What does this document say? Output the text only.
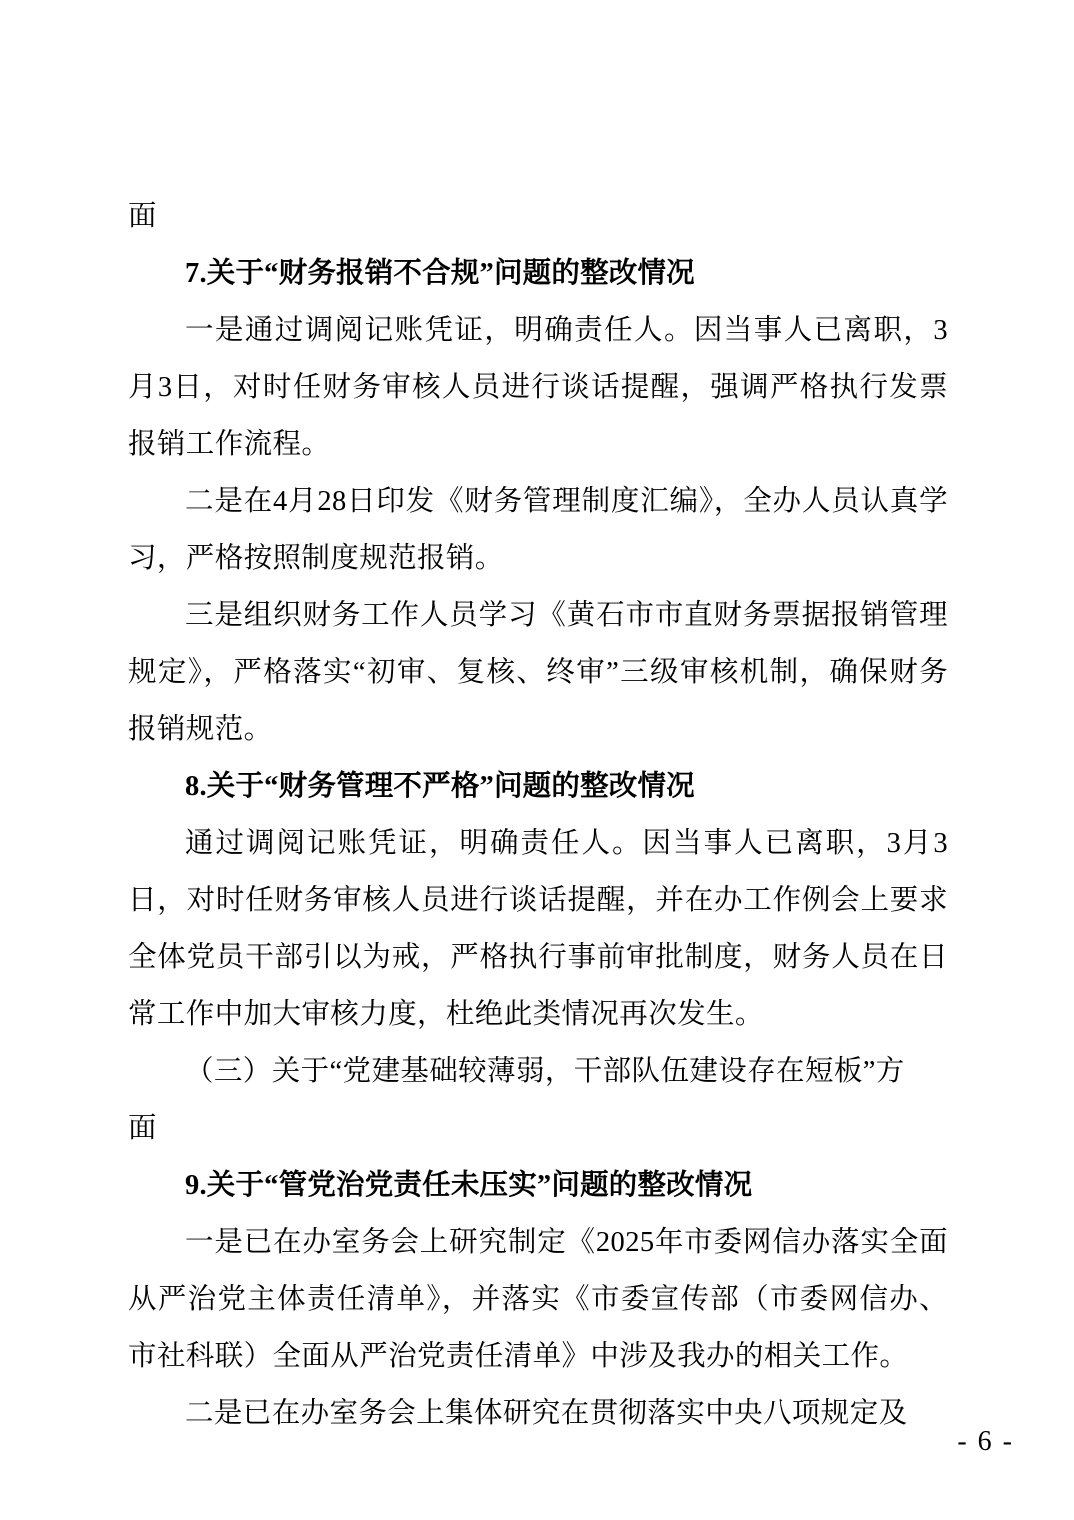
面

7.关于“财务报销不合规”问题的整改情况

一是通过调阅记账凭证，明确责任人。因当事人已离职，3月3日，对时任财务审核人员进行谈话提醒，强调严格执行发票报销工作流程。

二是在4月28日印发《财务管理制度汇编》，全办人员认真学习，严格按照制度规范报销。

三是组织财务工作人员学习《黄石市市直财务票据报销管理规定》，严格落实“初审、复核、终审”三级审核机制，确保财务报销规范。

8.关于“财务管理不严格”问题的整改情况

通过调阅记账凭证，明确责任人。因当事人已离职，3月3日，对时任财务审核人员进行谈话提醒，并在办工作例会上要求全体党员干部引以为戒，严格执行事前审批制度，财务人员在日常工作中加大审核力度，杜绝此类情况再次发生。

（三）关于“党建基础较薄弱，干部队伍建设存在短板”方

面

9.关于“管党治党责任未压实”问题的整改情况

一是已在办室务会上研究制定《2025年市委网信办落实全面从严治党主体责任清单》，并落实《市委宣传部（市委网信办、市社科联）全面从严治党责任清单》中涉及我办的相关工作。

二是已在办室务会上集体研究在贯彻落实中央八项规定及

- 6 -
